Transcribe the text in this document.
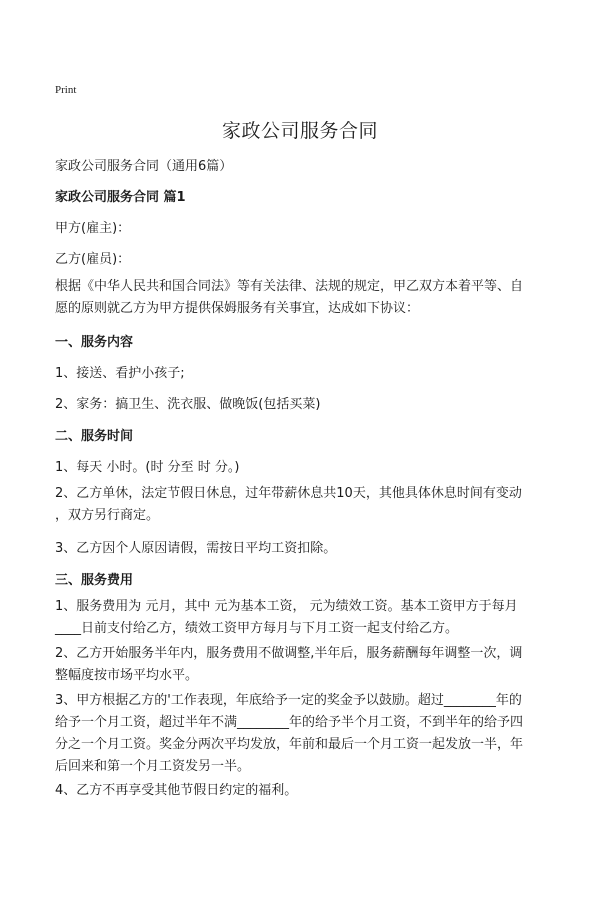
Print
家政公司服务合同
家政公司服务合同（通用6篇）
家政公司服务合同 篇1
甲方(雇主)：
乙方(雇员)：
根据《中华人民共和国合同法》等有关法律、法规的规定，甲乙双方本着平等、自
愿的原则就乙方为甲方提供保姆服务有关事宜，达成如下协议：
一、服务内容
1、接送、看护小孩子;
2、家务：搞卫生、洗衣服、做晚饭(包括买菜)
二、服务时间
1、每天 小时。(时 分至 时 分。)
2、乙方单休，法定节假日休息，过年带薪休息共10天，其他具体休息时间有变动
，双方另行商定。
3、乙方因个人原因请假，需按日平均工资扣除。
三、服务费用
1、服务费用为 元月，其中 元为基本工资， 元为绩效工资。基本工资甲方于每月
____日前支付给乙方，绩效工资甲方每月与下月工资一起支付给乙方。
2、乙方开始服务半年内，服务费用不做调整,半年后，服务薪酬每年调整一次，调
整幅度按市场平均水平。
3、甲方根据乙方的'工作表现，年底给予一定的奖金予以鼓励。超过________年的
给予一个月工资，超过半年不满________年的给予半个月工资，不到半年的给予四
分之一个月工资。奖金分两次平均发放，年前和最后一个月工资一起发放一半，年
后回来和第一个月工资发另一半。
4、乙方不再享受其他节假日约定的福利。
